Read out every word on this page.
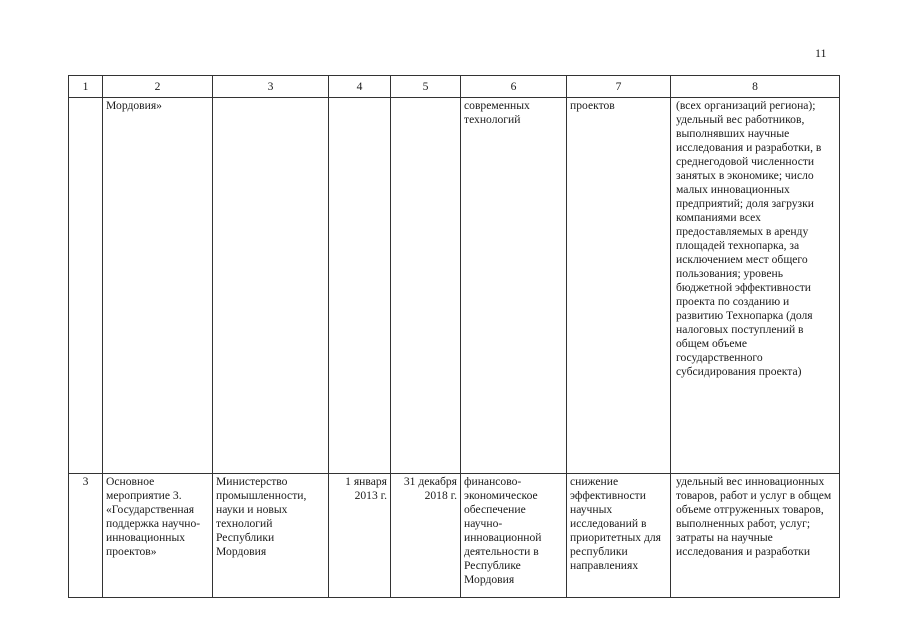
11
1	2	3	4	5	6	7	8
	Мордовия»				современных технологий	проектов	(всех организаций региона); удельный вес работников, выполнявших научные исследования и разработки, в среднегодовой численности занятых в экономике; число малых инновационных предприятий; доля загрузки компаниями всех предоставляемых в аренду площадей технопарка, за исключением мест общего пользования; уровень бюджетной эффективности проекта по созданию и развитию Технопарка (доля налоговых поступлений в общем объеме государственного субсидирования проекта)
3	Основное мероприятие 3. «Государственная поддержка научно-инновационных проектов»	Министерство промышленности, науки и новых технологий Республики Мордовия	1 января 2013 г.	31 декабря 2018 г.	финансово-экономическое обеспечение научно-инновационной деятельности в Республике Мордовия	снижение эффективности научных исследований в приоритетных для республики направлениях	удельный вес инновационных товаров, работ и услуг в общем объеме отгруженных товаров, выполненных работ, услуг; затраты на научные исследования и разработки
